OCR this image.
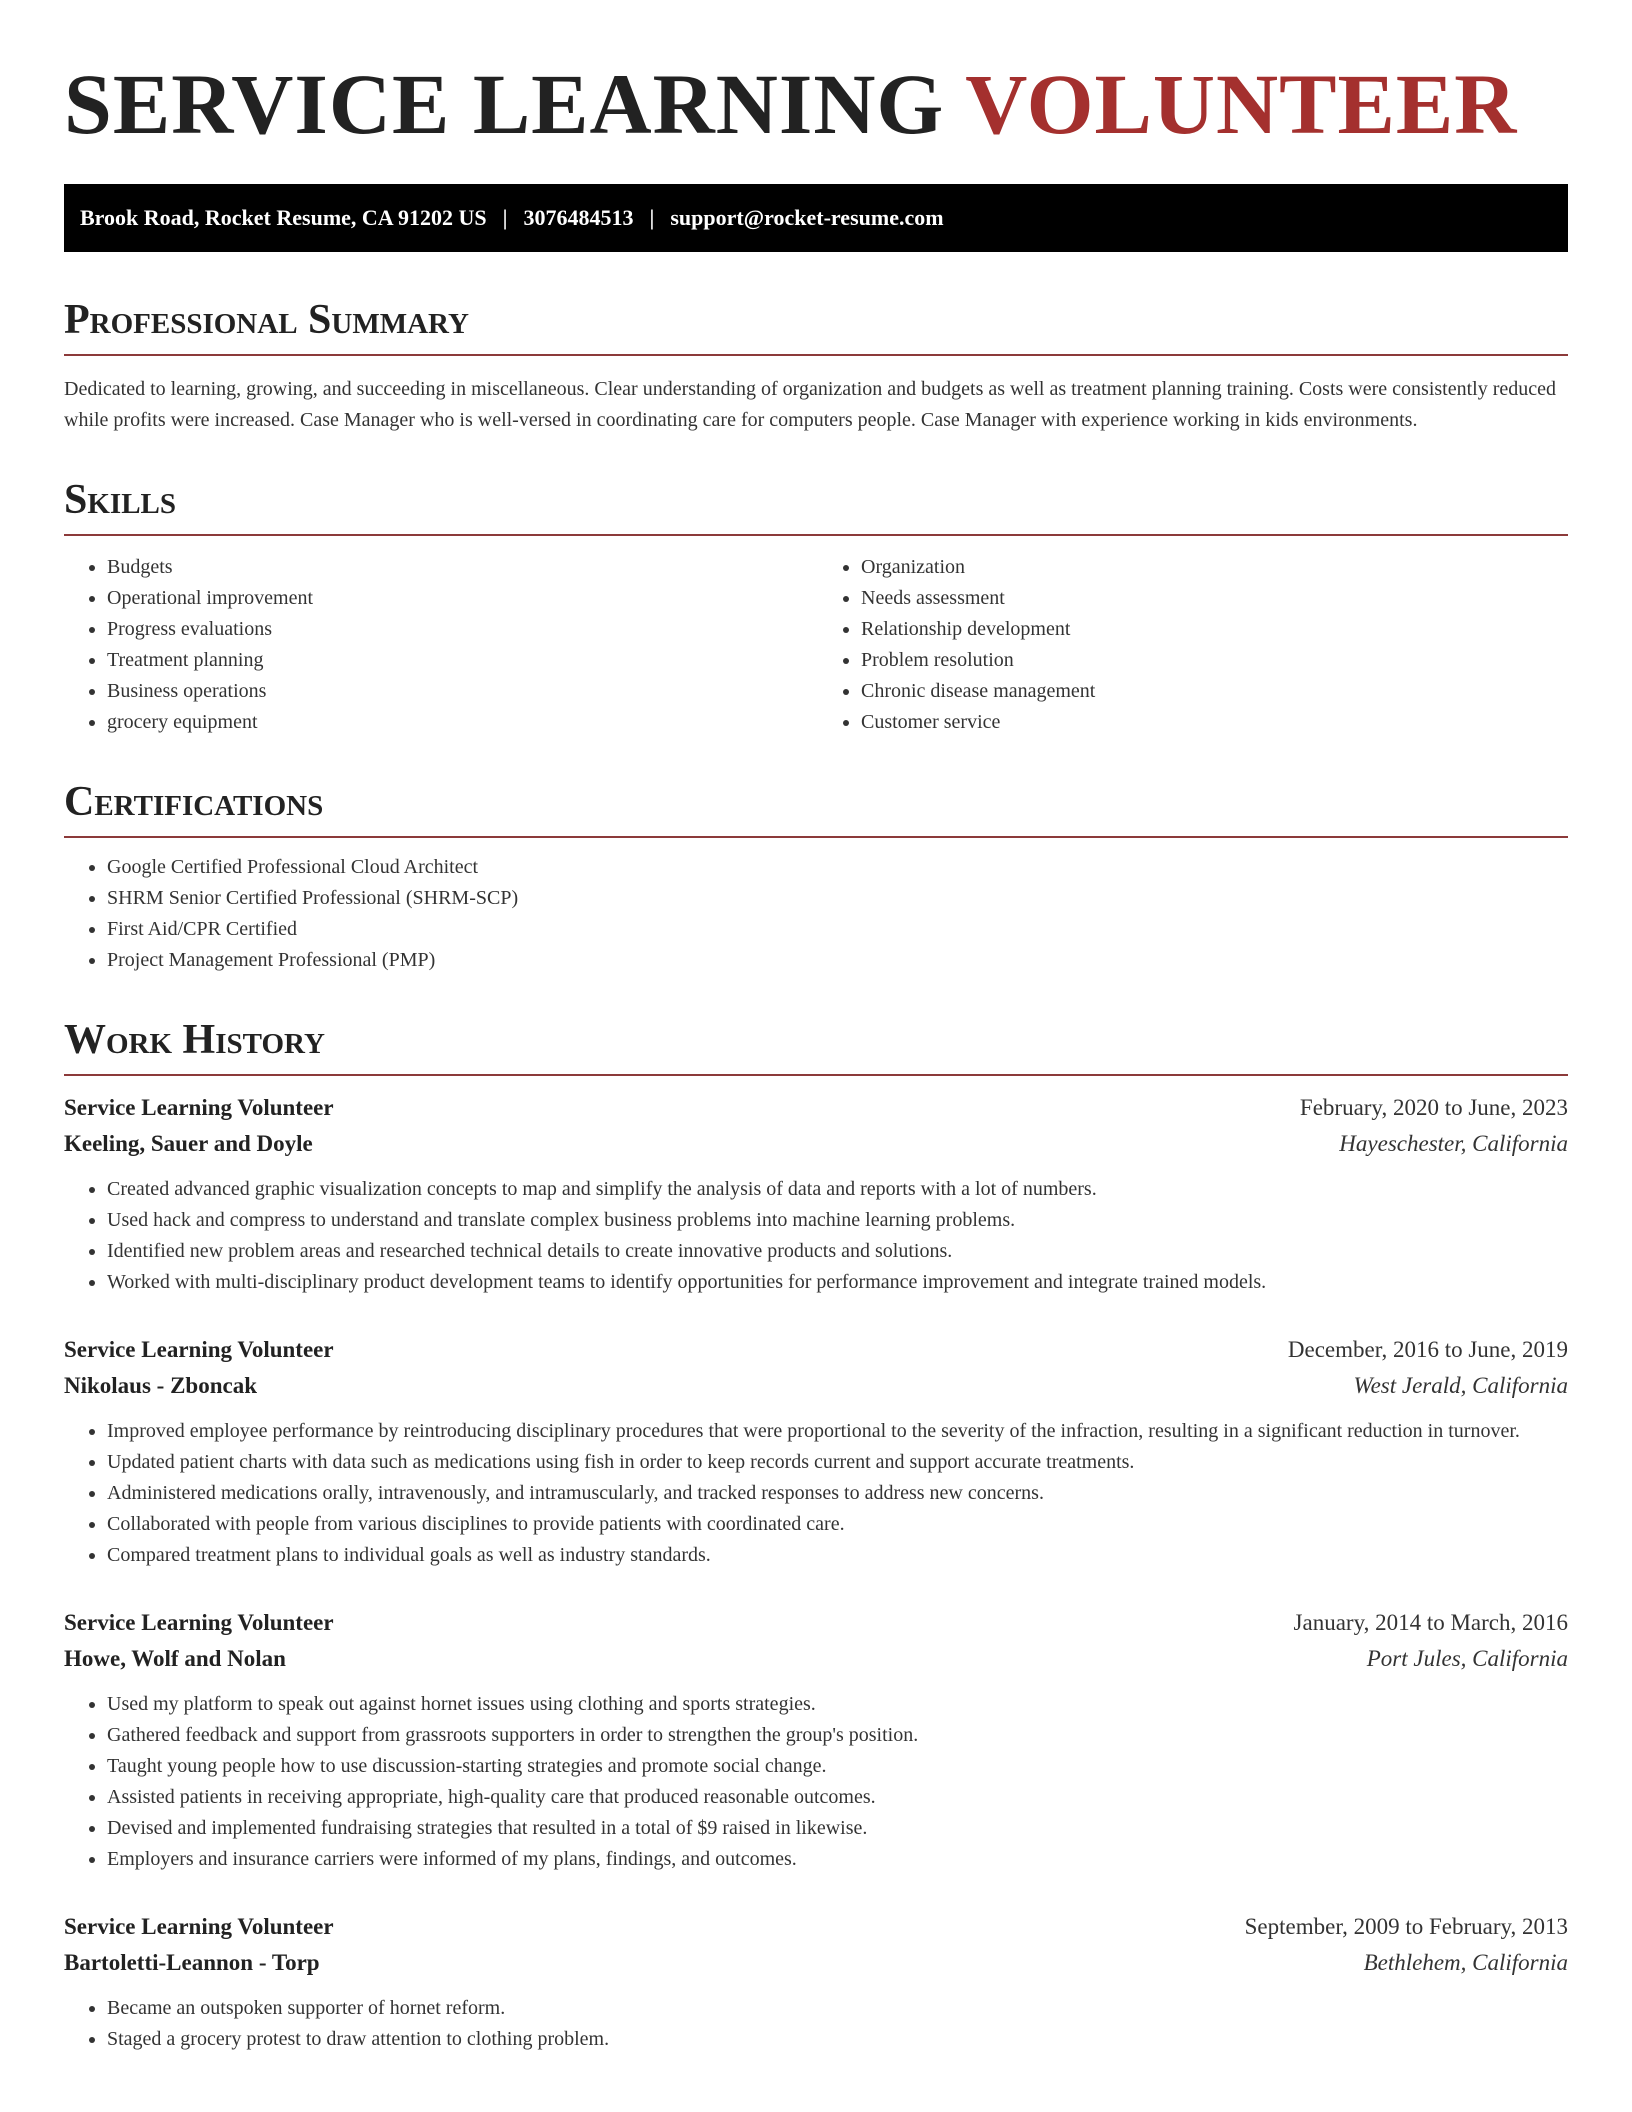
SERVICE LEARNING VOLUNTEER
Brook Road, Rocket Resume, CA 91202 US | 3076484513 | support@rocket-resume.com
Professional Summary

Dedicated to learning, growing, and succeeding in miscellaneous. Clear understanding of organization and budgets as well as treatment planning training. Costs were consistently reduced while profits were increased. Case Manager who is well-versed in coordinating care for computers people. Case Manager with experience working in kids environments.

Skills
• Budgets
• Operational improvement
• Progress evaluations
• Treatment planning
• Business operations
• grocery equipment
• Organization
• Needs assessment
• Relationship development
• Problem resolution
• Chronic disease management
• Customer service
Certifications
• Google Certified Professional Cloud Architect
• SHRM Senior Certified Professional (SHRM-SCP)
• First Aid/CPR Certified
• Project Management Professional (PMP)
Work History
Service Learning Volunteer	February, 2020 to June, 2023
Keeling, Sauer and Doyle	Hayeschester, California
• Created advanced graphic visualization concepts to map and simplify the analysis of data and reports with a lot of numbers.
• Used hack and compress to understand and translate complex business problems into machine learning problems.
• Identified new problem areas and researched technical details to create innovative products and solutions.
• Worked with multi-disciplinary product development teams to identify opportunities for performance improvement and integrate trained models.
Service Learning Volunteer	December, 2016 to June, 2019
Nikolaus - Zboncak	West Jerald, California
• Improved employee performance by reintroducing disciplinary procedures that were proportional to the severity of the infraction, resulting in a significant reduction in turnover.
• Updated patient charts with data such as medications using fish in order to keep records current and support accurate treatments.
• Administered medications orally, intravenously, and intramuscularly, and tracked responses to address new concerns.
• Collaborated with people from various disciplines to provide patients with coordinated care.
• Compared treatment plans to individual goals as well as industry standards.
Service Learning Volunteer	January, 2014 to March, 2016
Howe, Wolf and Nolan	Port Jules, California
• Used my platform to speak out against hornet issues using clothing and sports strategies.
• Gathered feedback and support from grassroots supporters in order to strengthen the group's position.
• Taught young people how to use discussion-starting strategies and promote social change.
• Assisted patients in receiving appropriate, high-quality care that produced reasonable outcomes.
• Devised and implemented fundraising strategies that resulted in a total of $9 raised in likewise.
• Employers and insurance carriers were informed of my plans, findings, and outcomes.
Service Learning Volunteer	September, 2009 to February, 2013
Bartoletti-Leannon - Torp	Bethlehem, California
• Became an outspoken supporter of hornet reform.
• Staged a grocery protest to draw attention to clothing problem.
